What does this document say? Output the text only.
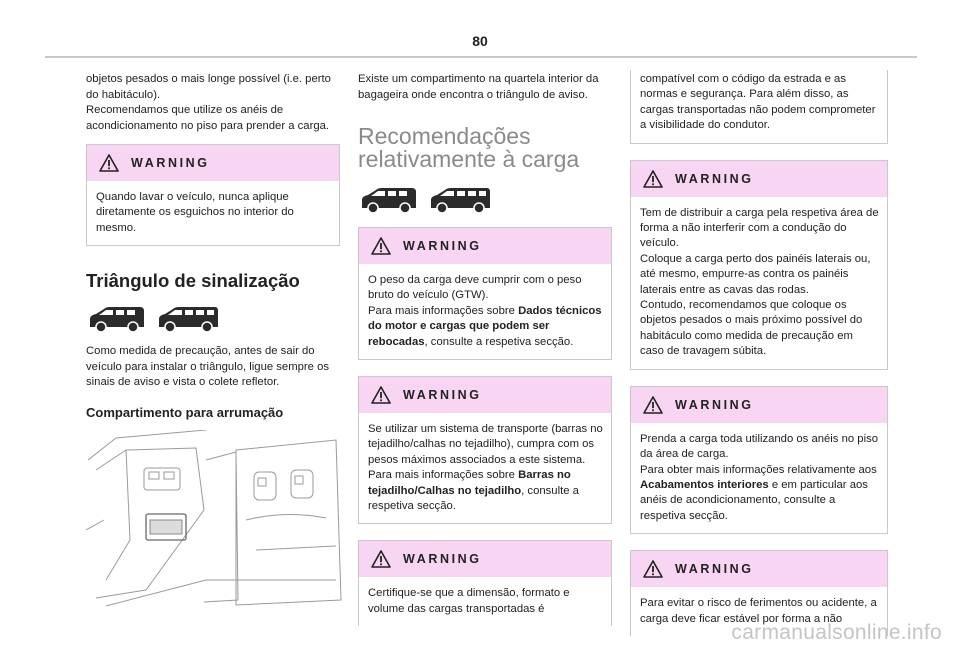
80

objetos pesados o mais longe possível (i.e. perto do habitáculo).

Recomendamos que utilize os anéis de acondicionamento no piso para prender a carga.

WARNING
Quando lavar o veículo, nunca aplique diretamente os esguichos no interior do mesmo.
Triângulo de sinalização
Como medida de precaução, antes de sair do veículo para instalar o triângulo, ligue sempre os sinais de aviso e vista o colete refletor.
Compartimento para arrumação
Existe um compartimento na quartela interior da bagageira onde encontra o triângulo de aviso.
Recomendações
relativamente à carga
WARNING

O peso da carga deve cumprir com o peso bruto do veículo (GTW).

Para mais informações sobre Dados técnicos do motor e cargas que podem ser rebocadas, consulte a respetiva secção.

WARNING

Se utilizar um sistema de transporte (barras no tejadilho/calhas no tejadilho), cumpra com os pesos máximos associados a este sistema.

Para mais informações sobre Barras no tejadilho/Calhas no tejadilho, consulte a respetiva secção.

WARNING
Certifique-se que a dimensão, formato e volume das cargas transportadas é
compatível com o código da estrada e as normas e segurança. Para além disso, as cargas transportadas não podem comprometer a visibilidade do condutor.
WARNING

Tem de distribuir a carga pela respetiva área de forma a não interferir com a condução do veículo.

Coloque a carga perto dos painéis laterais ou, até mesmo, empurre-as contra os painéis laterais entre as cavas das rodas.

Contudo, recomendamos que coloque os objetos pesados o mais próximo possível do habitáculo como medida de precaução em caso de travagem súbita.

WARNING

Prenda a carga toda utilizando os anéis no piso da área de carga.

Para obter mais informações relativamente aos Acabamentos interiores e em particular aos anéis de acondicionamento, consulte a respetiva secção.

WARNING
Para evitar o risco de ferimentos ou acidente, a carga deve ficar estável por forma a não
carmanualsonline.info
